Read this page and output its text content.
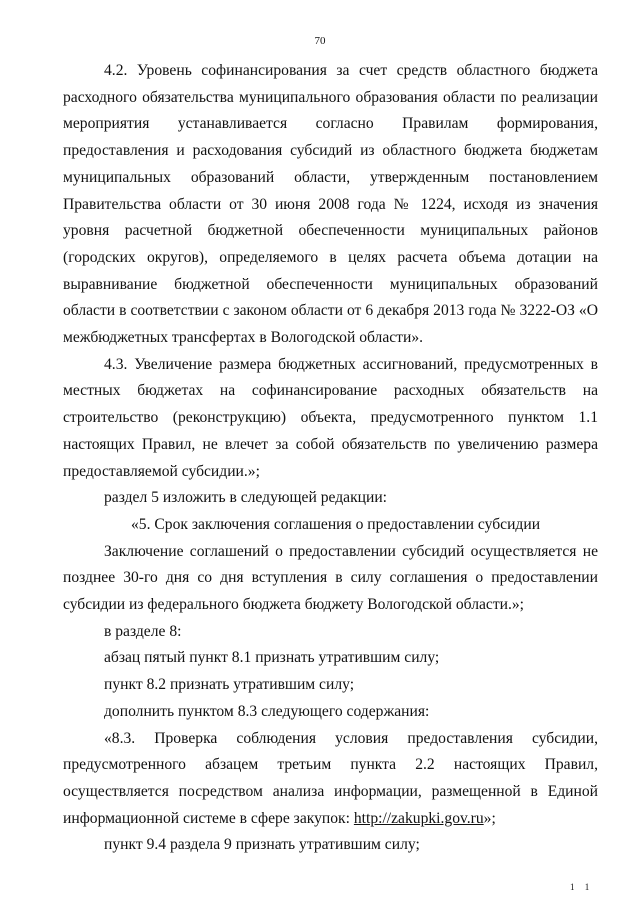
70

4.2. Уровень софинансирования за счет средств областного бюджета расходного обязательства муниципального образования области по реализации мероприятия устанавливается согласно Правилам формирования, предоставления и расходования субсидий из областного бюджета бюджетам муниципальных образований области, утвержденным постановлением Правительства области от 30 июня 2008 года № 1224, исходя из значения уровня расчетной бюджетной обеспеченности муниципальных районов (городских округов), определяемого в целях расчета объема дотации на выравнивание бюджетной обеспеченности муниципальных образований области в соответствии с законом области от 6 декабря 2013 года № 3222-ОЗ «О межбюджетных трансфертах в Вологодской области».

4.3. Увеличение размера бюджетных ассигнований, предусмотренных в местных бюджетах на софинансирование расходных обязательств на строительство (реконструкцию) объекта, предусмотренного пунктом 1.1 настоящих Правил, не влечет за собой обязательств по увеличению размера предоставляемой субсидии.»;

раздел 5 изложить в следующей редакции:

«5. Срок заключения соглашения о предоставлении субсидии

Заключение соглашений о предоставлении субсидий осуществляется не позднее 30-го дня со дня вступления в силу соглашения о предоставлении субсидии из федерального бюджета бюджету Вологодской области.»;

в разделе 8:

абзац пятый пункт 8.1 признать утратившим силу;

пункт 8.2 признать утратившим силу;

дополнить пунктом 8.3 следующего содержания:

«8.3. Проверка соблюдения условия предоставления субсидии, предусмотренного абзацем третьим пункта 2.2 настоящих Правил, осуществляется посредством анализа информации, размещенной в Единой информационной системе в сфере закупок: http://zakupki.gov.ru»;

пункт 9.4 раздела 9 признать утратившим силу;

1 1
